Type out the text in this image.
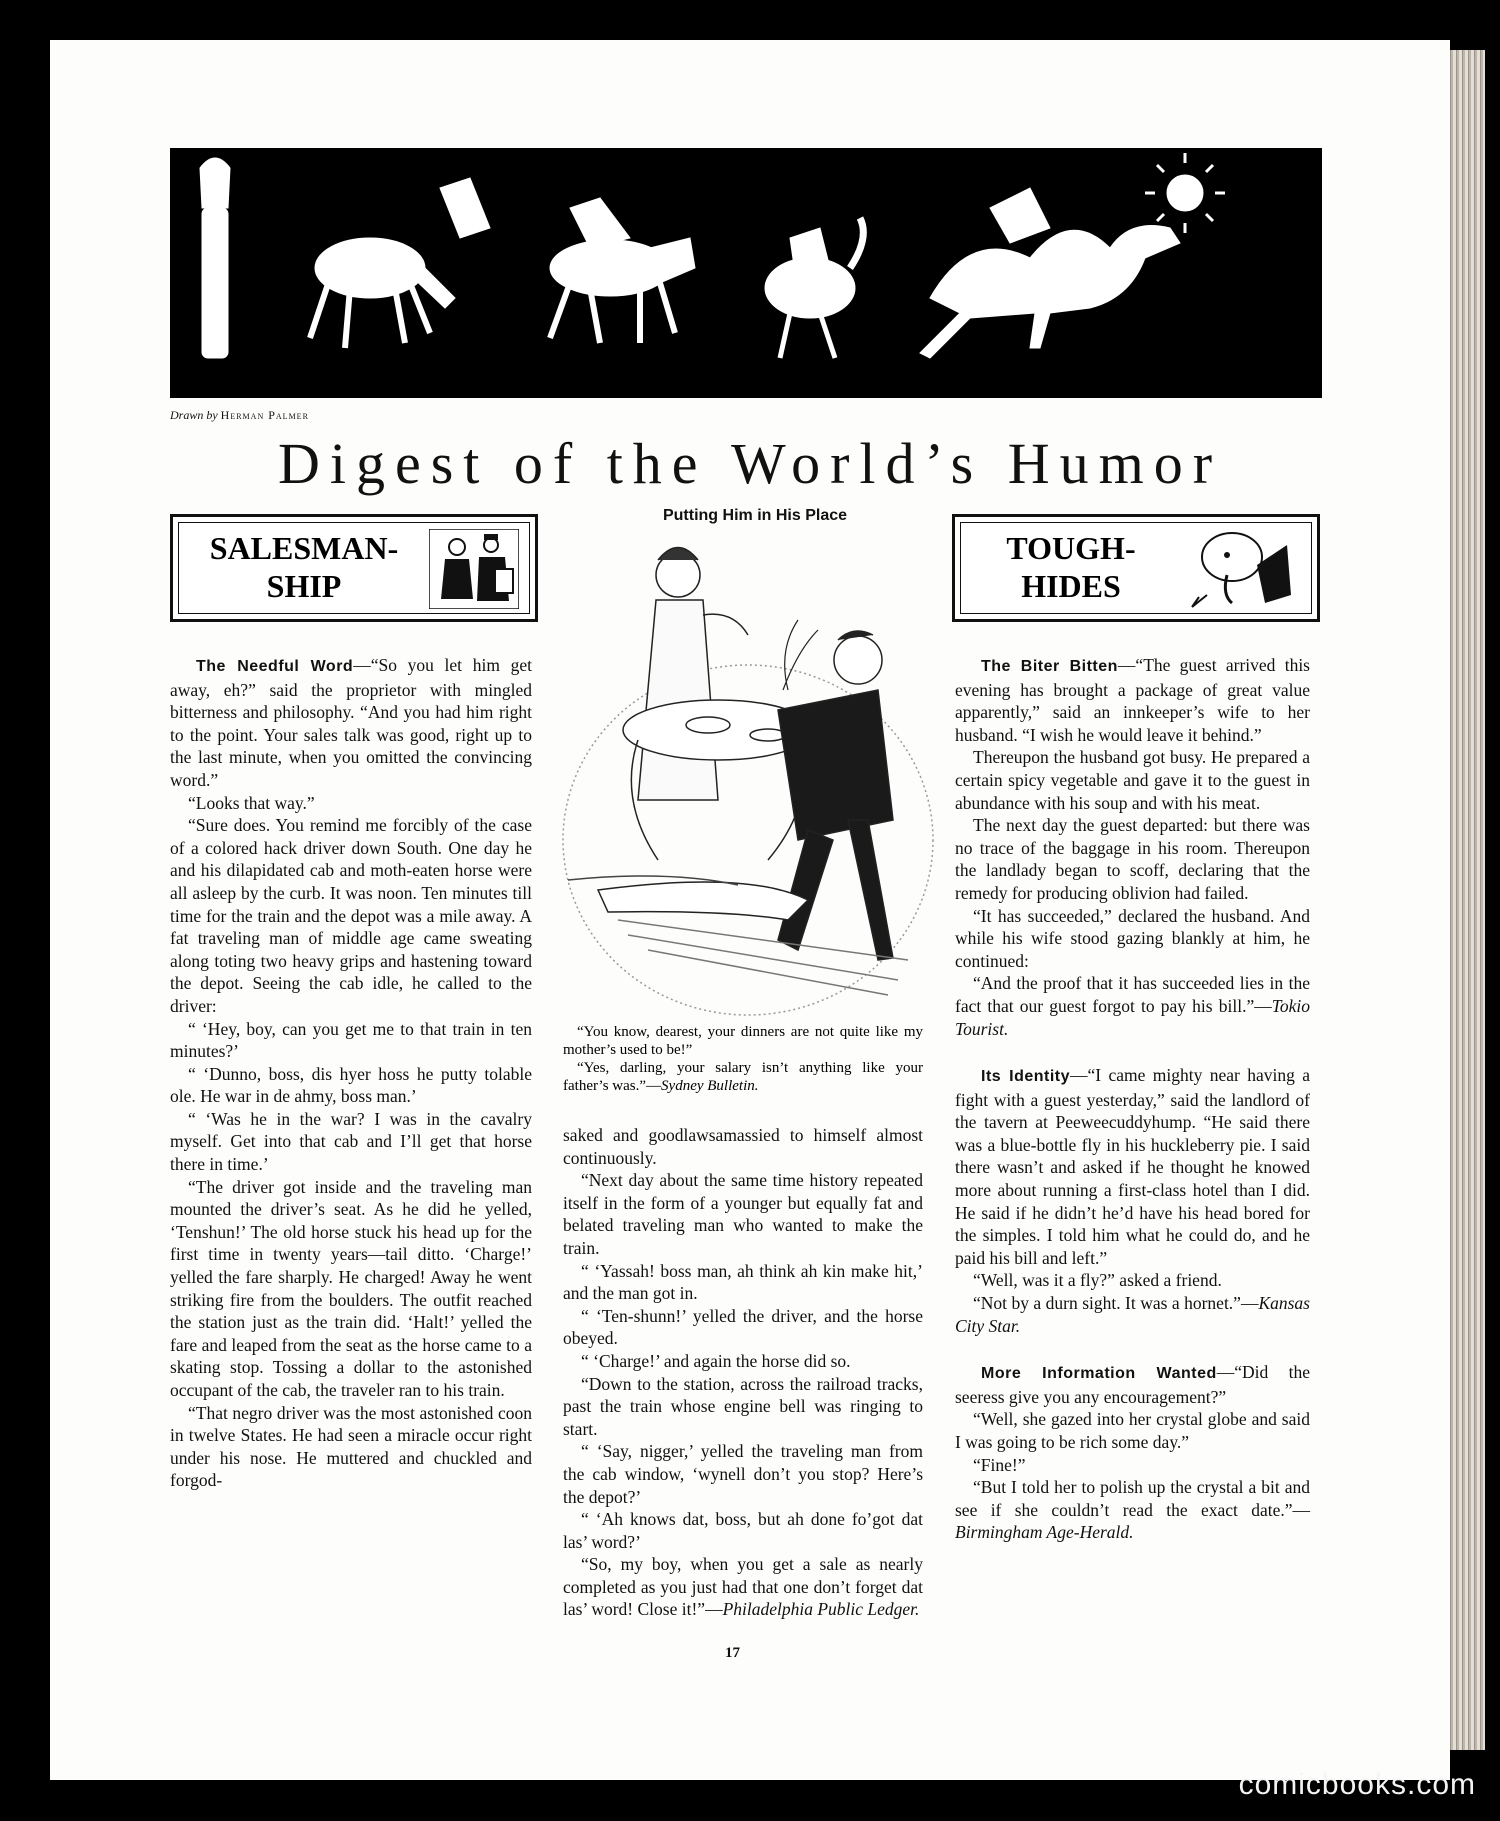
Drawn by Herman Palmer
Digest of the World’s Humor
SALESMAN-
SHIP
TOUGH-
HIDES
Putting Him in His Place

“You know, dearest, your dinners are not quite like my mother’s used to be!”

“Yes, darling, your salary isn’t anything like your father’s was.”—Sydney Bulletin.

The Needful Word—“So you let him get away, eh?” said the proprietor with mingled bitterness and philosophy. “And you had him right to the point. Your sales talk was good, right up to the last minute, when you omitted the convincing word.”

“Looks that way.”

“Sure does. You remind me forcibly of the case of a colored hack driver down South. One day he and his dilapidated cab and moth-eaten horse were all asleep by the curb. It was noon. Ten minutes till time for the train and the depot was a mile away. A fat traveling man of middle age came sweating along toting two heavy grips and hastening toward the depot. Seeing the cab idle, he called to the driver:

“ ‘Hey, boy, can you get me to that train in ten minutes?’

“ ‘Dunno, boss, dis hyer hoss he putty tolable ole. He war in de ahmy, boss man.’

“ ‘Was he in the war? I was in the cavalry myself. Get into that cab and I’ll get that horse there in time.’

“The driver got inside and the traveling man mounted the driver’s seat. As he did he yelled, ‘Tenshun!’ The old horse stuck his head up for the first time in twenty years—tail ditto. ‘Charge!’ yelled the fare sharply. He charged! Away he went striking fire from the boulders. The outfit reached the station just as the train did. ‘Halt!’ yelled the fare and leaped from the seat as the horse came to a skating stop. Tossing a dollar to the astonished occupant of the cab, the traveler ran to his train.

“That negro driver was the most astonished coon in twelve States. He had seen a miracle occur right under his nose. He muttered and chuckled and forgod-

saked and goodlawsamassied to himself almost continuously.

“Next day about the same time history repeated itself in the form of a younger but equally fat and belated traveling man who wanted to make the train.

“ ‘Yassah! boss man, ah think ah kin make hit,’ and the man got in.

“ ‘Ten-shunn!’ yelled the driver, and the horse obeyed.

“ ‘Charge!’ and again the horse did so.

“Down to the station, across the railroad tracks, past the train whose engine bell was ringing to start.

“ ‘Say, nigger,’ yelled the traveling man from the cab window, ‘wynell don’t you stop? Here’s the depot?’

“ ‘Ah knows dat, boss, but ah done fo’got dat las’ word?’

“So, my boy, when you get a sale as nearly completed as you just had that one don’t forget dat las’ word! Close it!”—Philadelphia Public Ledger.

The Biter Bitten—“The guest arrived this evening has brought a package of great value apparently,” said an innkeeper’s wife to her husband. “I wish he would leave it behind.”

Thereupon the husband got busy. He prepared a certain spicy vegetable and gave it to the guest in abundance with his soup and with his meat.

The next day the guest departed: but there was no trace of the baggage in his room. Thereupon the landlady began to scoff, declaring that the remedy for producing oblivion had failed.

“It has succeeded,” declared the husband. And while his wife stood gazing blankly at him, he continued:

“And the proof that it has succeeded lies in the fact that our guest forgot to pay his bill.”—Tokio Tourist.

Its Identity—“I came mighty near having a fight with a guest yesterday,” said the landlord of the tavern at Peeweecuddyhump. “He said there was a blue-bottle fly in his huckleberry pie. I said there wasn’t and asked if he thought he knowed more about running a first-class hotel than I did. He said if he didn’t he’d have his head bored for the simples. I told him what he could do, and he paid his bill and left.”

“Well, was it a fly?” asked a friend.

“Not by a durn sight. It was a hornet.”—Kansas City Star.

More Information Wanted—“Did the seeress give you any encouragement?”

“Well, she gazed into her crystal globe and said I was going to be rich some day.”

“Fine!”

“But I told her to polish up the crystal a bit and see if she couldn’t read the exact date.”—Birmingham Age-Herald.

17
comicbooks.com
